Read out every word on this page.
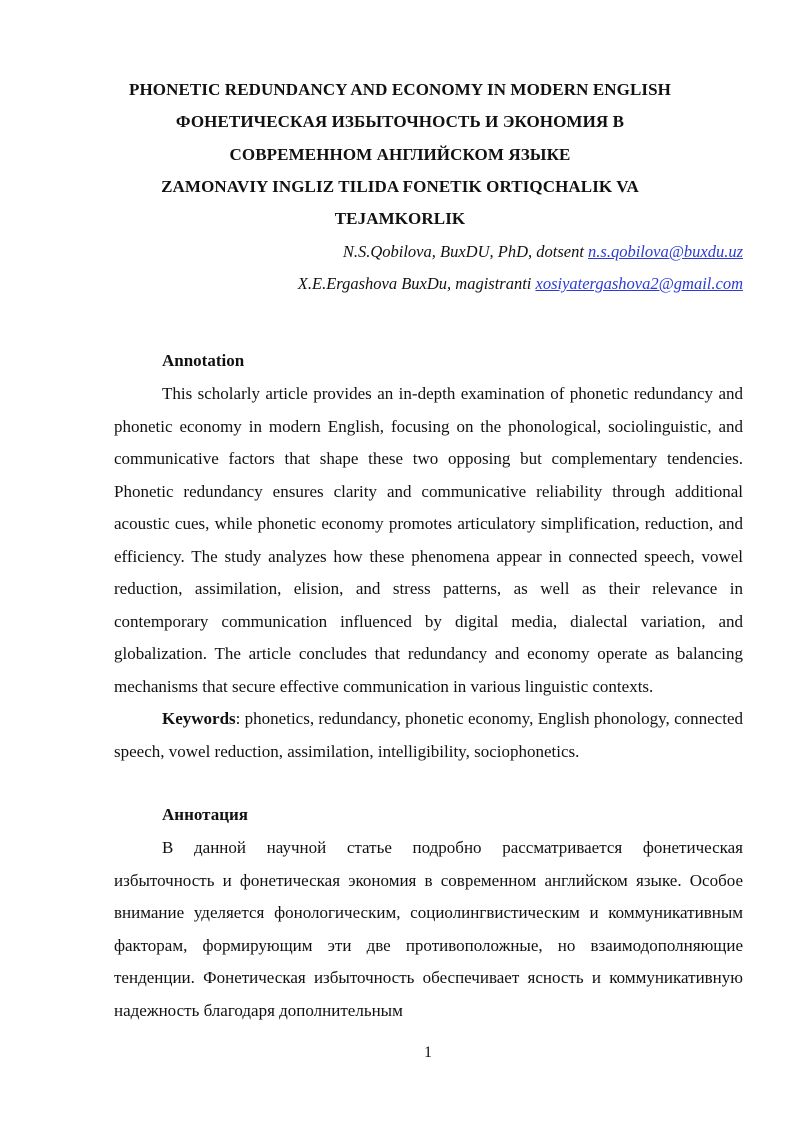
PHONETIC REDUNDANCY AND ECONOMY IN MODERN ENGLISH
ФОНЕТИЧЕСКАЯ ИЗБЫТОЧНОСТЬ И ЭКОНОМИЯ В
СОВРЕМЕННОМ АНГЛИЙСКОМ ЯЗЫКЕ
ZAMONAVIY INGLIZ TILIDA FONETIK ORTIQCHALIK VA
TEJAMKORLIK
N.S.Qobilova, BuxDU, PhD, dotsent n.s.qobilova@buxdu.uz
X.E.Ergashova BuxDu, magistranti xosiyatergashova2@gmail.com
Annotation

This scholarly article provides an in-depth examination of phonetic redundancy and phonetic economy in modern English, focusing on the phonological, sociolinguistic, and communicative factors that shape these two opposing but complementary tendencies. Phonetic redundancy ensures clarity and communicative reliability through additional acoustic cues, while phonetic economy promotes articulatory simplification, reduction, and efficiency. The study analyzes how these phenomena appear in connected speech, vowel reduction, assimilation, elision, and stress patterns, as well as their relevance in contemporary communication influenced by digital media, dialectal variation, and globalization. The article concludes that redundancy and economy operate as balancing mechanisms that secure effective communication in various linguistic contexts.

Keywords: phonetics, redundancy, phonetic economy, English phonology, connected speech, vowel reduction, assimilation, intelligibility, sociophonetics.

Аннотация

В данной научной статье подробно рассматривается фонетическая избыточность и фонетическая экономия в современном английском языке. Особое внимание уделяется фонологическим, социолингвистическим и коммуникативным факторам, формирующим эти две противоположные, но взаимодополняющие тенденции. Фонетическая избыточность обеспечивает ясность и коммуникативную надежность благодаря дополнительным

1
